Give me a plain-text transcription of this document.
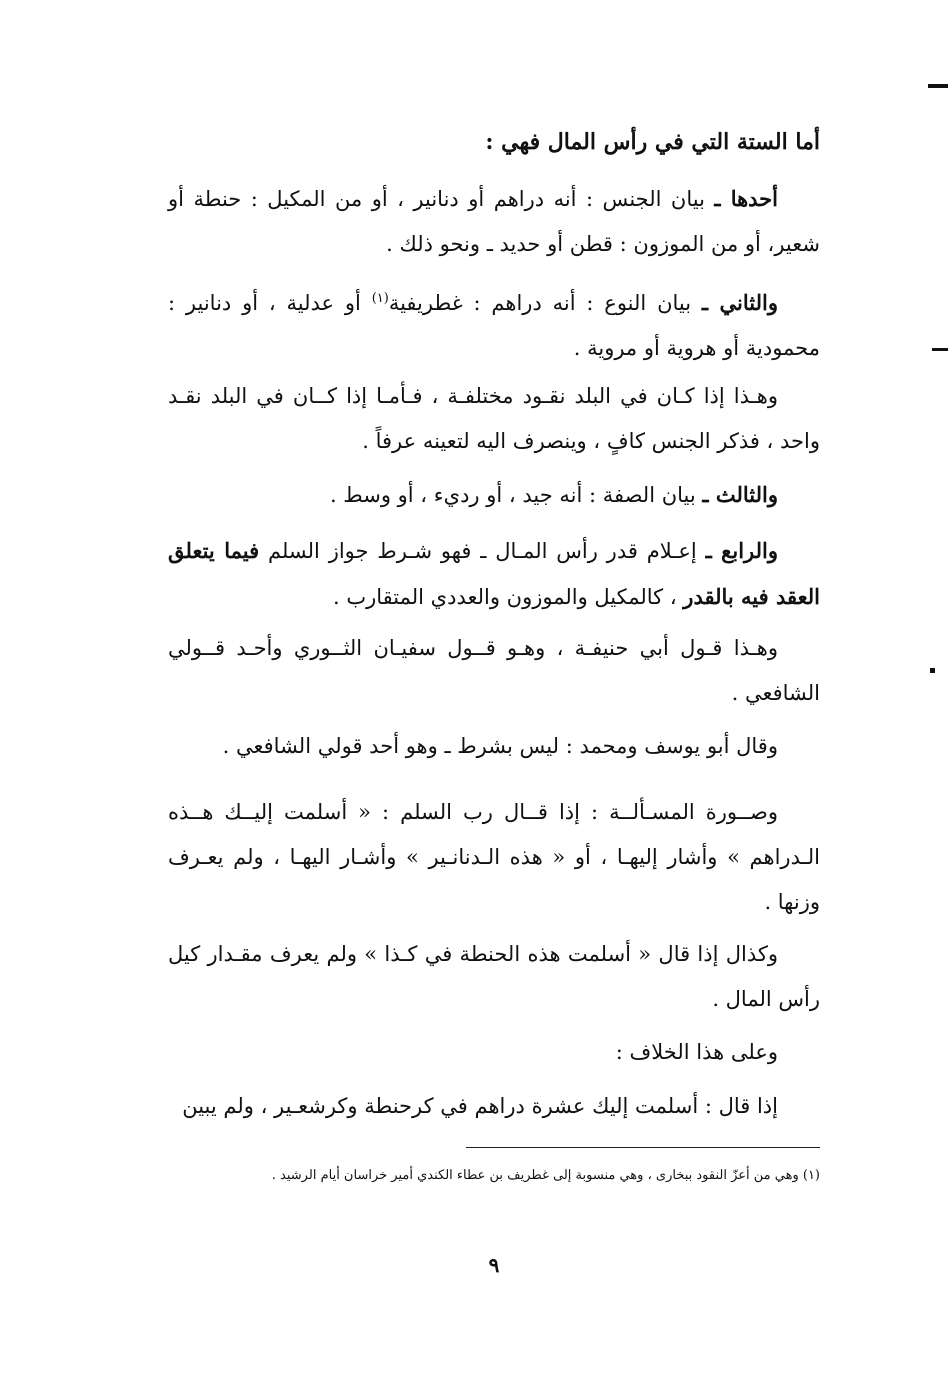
أما الستة التي في رأس المال فهي :

أحدها ـ بيان الجنس : أنه دراهم أو دنانير ، أو من المكيل : حنطة أو شعير، أو من الموزون : قطن أو حديد ـ ونحو ذلك .

والثاني ـ بيان النوع : أنه دراهم : غطريفية$^{(١)}$ أو عدلية ، أو دنانير : محمودية أو هروية أو مروية .

وهـذا إذا كـان في البلد نقـود مختلفـة ، فـأمـا إذا كــان في البلد نقـد واحد ، فذكر الجنس كافٍ ، وينصرف اليه لتعينه عرفاً .

والثالث ـ بيان الصفة : أنه جيد ، أو رديء ، أو وسط .

والرابع ـ إعـلام قدر رأس المـال ـ فهو شـرط جواز السلم فيما يتعلق العقد فيه بالقدر ، كالمكيل والموزون والعددي المتقارب .

وهـذا قـول أبي حنيفـة ، وهـو قــول سفيـان الثــوري وأحـد قــولي الشافعي .

وقال أبو يوسف ومحمد : ليس بشرط ـ وهو أحد قولي الشافعي .

وصــورة المسـألــة : إذا قــال رب السلم : « أسلمت إليــك هــذه الـدراهم » وأشار إليهـا ، أو « هذه الـدنانـير » وأشـار اليهـا ، ولم يعـرف وزنها .

وكذال إذا قال « أسلمت هذه الحنطة في كـذا » ولم يعرف مقـدار كيل رأس المال .

وعلى هذا الخلاف :

إذا قال : أسلمت إليك عشرة دراهم في كرحنطة وكرشعـير ، ولم يبين

(١) وهي من أعزّ النقود ببخارى ، وهي منسوبة إلى غطريف بن عطاء الكندي أمير خراسان أيام الرشيد .
٩
